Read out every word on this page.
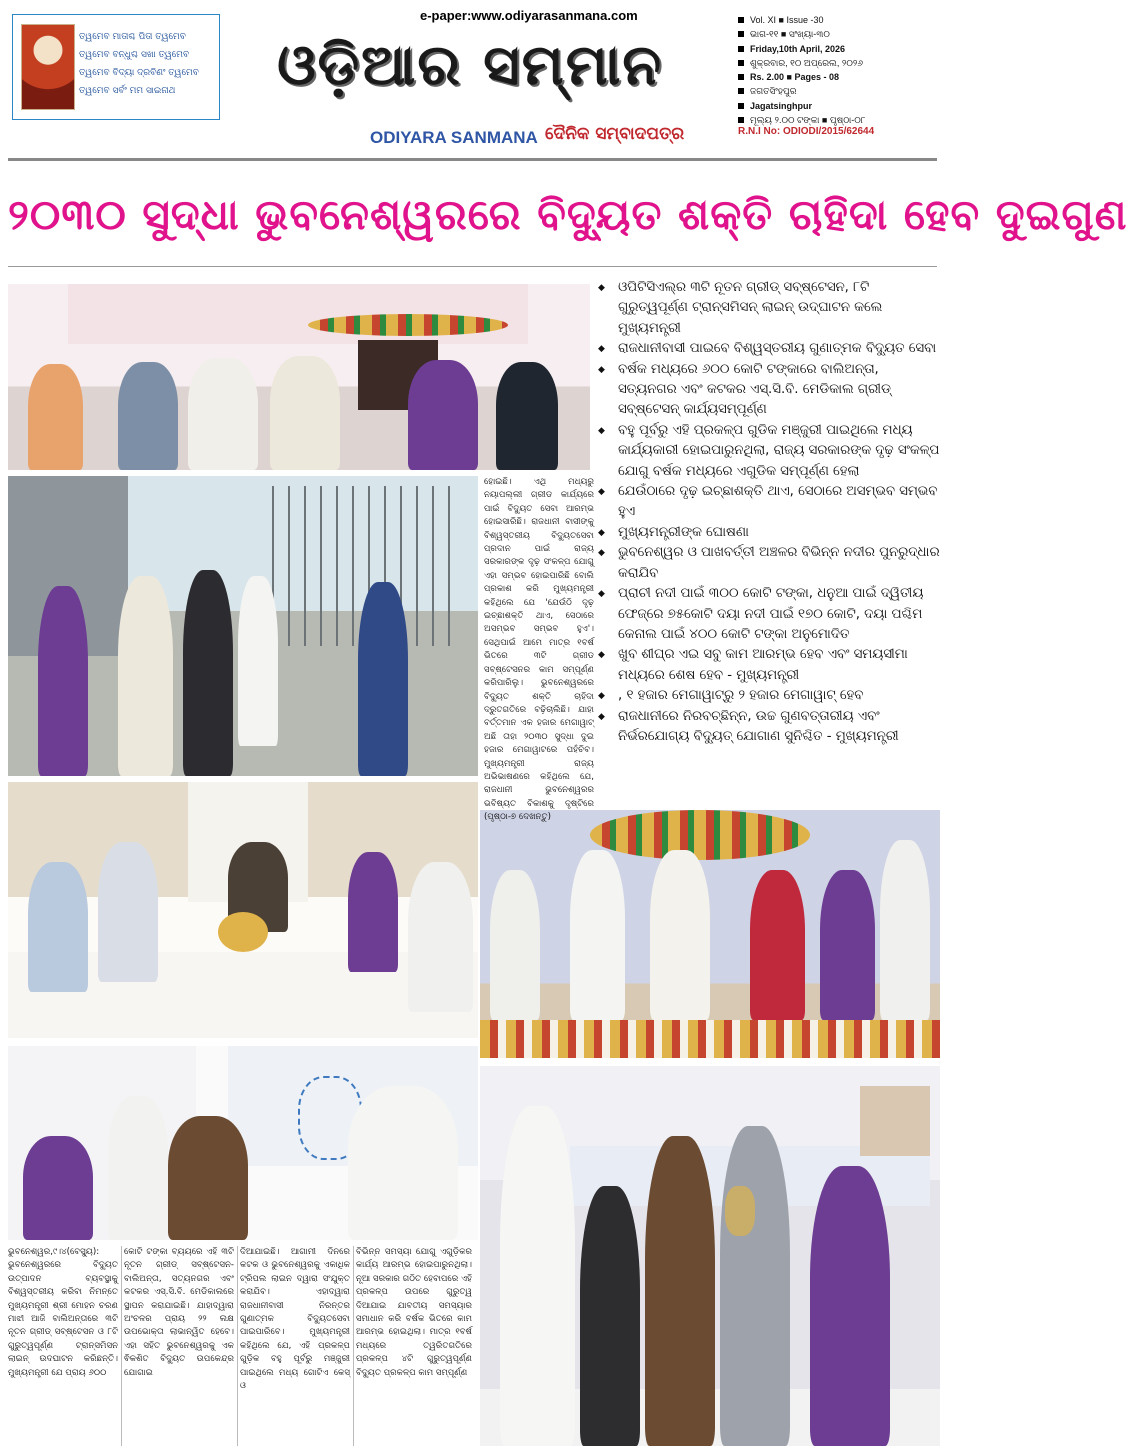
ତ୍ୱମେବ ମାତାଶ୍ଚ ପିତା ତ୍ୱମେବ
ତ୍ୱମେବ ବନ୍ଧୁଶ୍ଚ ସଖା ତ୍ୱମେବ
ତ୍ୱମେବ ବିଦ୍ୟା ଦ୍ରବିଣଂ ତ୍ୱମେବ
ତ୍ୱମେବ ସର୍ବଂ ମମ ସାଇନାଥ
e-paper:www.odiyarasanmana.com
ଓଡ଼ିଆର ସମ୍ମାନ
ODIYARA SANMANA ଦୈନିକ ସମ୍ବାଦପତ୍ର
Vol. XI ■ Issue -30
ଭାଗ-୧୧ ■ ସଂଖ୍ୟା-୩୦
Friday,10th April, 2026
ଶୁକ୍ରବାର, ୧୦ ଅପ୍ରେଲ, ୨୦୨୬
Rs. 2.00 ■ Pages - 08
ଜଗତସିଂହପୁର
Jagatsinghpur
ମୂଲ୍ୟ ୨.୦୦ ଟଙ୍କା ■ ପୃଷ୍ଠା-୦୮
R.N.I No: ODIODI/2015/62644
୨୦୩୦ ସୁଦ୍ଧା ଭୁବନେଶ୍ୱରରେ ବିଦ୍ୟୁତ ଶକ୍ତି ଚାହିଦା ହେବ ଦୁଇଗୁଣ
◆ ଓପିଟିସିଏଲ୍‌ର ୩ଟି ନୂତନ ଗ୍ରୀଡ୍ ସବ୍‌ଷ୍ଟେସନ, ୮ଟି ଗୁରୁତ୍ୱପୂର୍ଣ୍ଣ ଟ୍ରାନ୍ସମିସନ୍ ଲାଇନ୍ ଉଦ୍‌ଘାଟନ କଲେ ମୁଖ୍ୟମନ୍ତ୍ରୀ
◆ ରାଜଧାନୀବାସୀ ପାଇବେ ବିଶ୍ୱସ୍ତରୀୟ ଗୁଣାତ୍ମକ ବିଦ୍ୟୁତ ସେବା
◆ ବର୍ଷକ ମଧ୍ୟରେ ୬୦୦ କୋଟି ଟଙ୍କାରେ ବାଲିଅନ୍ତା, ସତ୍ୟନଗର ଏବଂ କଟକର ଏସ୍.ସି.ବି. ମେଡିକାଲ ଗ୍ରୀଡ୍ ସବ୍‌ଷ୍ଟେସନ୍ କାର୍ଯ୍ୟସମ୍ପୂର୍ଣ୍ଣ
◆ ବହୁ ପୂର୍ବରୁ ଏହି ପ୍ରକଳ୍ପ ଗୁଡିକ ମଞ୍ଜୁରୀ ପାଇଥିଲେ ମଧ୍ୟ କାର୍ଯ୍ୟକାରୀ ହୋଇପାରୁନଥିଲା, ରାଜ୍ୟ ସରକାରଙ୍କ ଦୃଢ଼ ସଂକଳ୍ପ ଯୋଗୁ ବର୍ଷକ ମଧ୍ୟରେ ଏଗୁଡିକ ସମ୍ପୂର୍ଣ୍ଣ ହେଲା
◆ ଯେଉଁଠାରେ ଦୃଢ଼ ଇଚ୍ଛାଶକ୍ତି ଥାଏ, ସେଠାରେ ଅସମ୍ଭବ ସମ୍ଭବ ହୁଏ
◆ ମୁଖ୍ୟମନ୍ତ୍ରୀଙ୍କ ଘୋଷଣା
◆ ଭୁବନେଶ୍ୱର ଓ ପାଖବର୍ତ୍ତୀ ଅଞ୍ଚଳର ବିଭିନ୍ନ ନଦୀର ପୁନରୁଦ୍ଧାର କରାଯିବ
◆ ପ୍ରାଚୀ ନଦୀ ପାଇଁ ୩୦୦ କୋଟି ଟଙ୍କା, ଧନୁଆ ପାଇଁ ଦ୍ୱିତୀୟ ଫେଜ୍‌ରେ ୭୫କୋଟି ଦୟା ନଦୀ ପାଇଁ ୧୭୦ କୋଟି, ଦୟା ପଶ୍ଚିମ କେନାଲ ପାଇଁ ୪୦୦ କୋଟି ଟଙ୍କା ଅନୁମୋଦିତ
◆ ଖୁବ ଶୀଘ୍ର ଏଇ ସବୁ କାମ ଆରମ୍ଭ ହେବ ଏବଂ ସମୟସୀମା ମଧ୍ୟରେ ଶେଷ ହେବ - ମୁଖ୍ୟମନ୍ତ୍ରୀ
◆ , ୧ ହଜାର ମେଗାୱାଟ୍‌ରୁ ୨ ହଜାର ମେଗାୱାଟ୍ ହେବ
◆ ରାଜଧାନୀରେ ନିରବଚ୍ଛିନ୍ନ, ଉଚ୍ଚ ଗୁଣବତ୍ତାରୀୟ ଏବଂ ନିର୍ଭରଯୋଗ୍ୟ ବିଦ୍ୟୁତ୍ ଯୋଗାଣ ସୁନିଶ୍ଚିତ - ମୁଖ୍ୟମନ୍ତ୍ରୀ
ହୋଇଛି। ଏଥି ମଧ୍ୟରୁ ନୟାପଲ୍ଲୀ ଗ୍ରୀଡ କାର୍ଯ୍ୟରେ ପାଇଁ ବିଦ୍ୟୁତ ସେବା ଆରମ୍ଭ ହୋଇସାରିଛି। ରାଜଧାନୀ ବାସୀଙ୍କୁ ବିଶ୍ୱସ୍ତରୀୟ ବିଦ୍ୟୁତସେବା ପ୍ରଦାନ ପାଇଁ ରାଜ୍ୟ ସରକାରଙ୍କ ଦୃଢ଼ ସଂକଳ୍ପ ଯୋଗୁ ଏହା ସମ୍ଭବ ହୋଇପାରିଛି ବୋଲି ପ୍ରକାଶ କରି ମୁଖ୍ୟମନ୍ତ୍ରୀ କହିଥିଲେ ଯେ 'ଯେଉଁଠି ଦୃଢ଼ ଇଚ୍ଛାଶକ୍ତି ଥାଏ, ସେଠାରେ ଅସମ୍ଭବ ସମ୍ଭବ ହୁଏ'। ସେଥିପାଇଁ ଆମେ ମାତ୍ର ୧ବର୍ଷ ଭିତରେ ୩ଟି ଗ୍ରୀଡ ସବ୍‌ଷ୍ଟେସନର କାମ ସମ୍ପୂର୍ଣ୍ଣ କରିପାରିଲୁ। ଭୁବନେଶ୍ୱରରେ ବିଦ୍ୟୁତ ଶକ୍ତି ଚାହିଦା ଦ୍ରୁତଗତିରେ ବଢ଼ିଚାଲିଛି। ଯାହା ବର୍ତ୍ତମାନ ଏକ ହଜାର ମେଗାୱାଟ୍ ଅଛି ତାହା ୨୦୩୦ ସୁଦ୍ଧା ଦୁଇ ହଜାର ମେଗାୱାଟରେ ପହଁଚିବ। ମୁଖ୍ୟମନ୍ତ୍ରୀ ରାଜ୍ୟ ଅଭିଭାଷଣରେ କହିଥିଲେ ଯେ, ରାଜଧାନୀ ଭୁବନେଶ୍ୱରର ଭବିଷ୍ୟତ ବିକାଶକୁ ଦୃଷ୍ଟିରେ (ପୃଷ୍ଠା-୭ ଦେଖନ୍ତୁ)
ଭୁବନେଶ୍ୱର,୯।୪(ବେସ୍ୟୁ): ଭୁବନେଶ୍ୱରରେ ବିଦ୍ୟୁତ ଉତ୍ପାଦନ ବ୍ୟବସ୍ଥାକୁ ବିଶ୍ୱସ୍ତରୀୟ କରିବା ନିମନ୍ତେ ମୁଖ୍ୟମନ୍ତ୍ରୀ ଶ୍ରୀ ମୋହନ ଚରଣ ମାଝୀ ଆଜି ବାଲିଅନ୍ତାରେ ୩ଟି ନୂତନ ଗ୍ରୀଡ୍ ସବ୍‌ଷ୍ଟେସନ ଓ ୮ଟି ଗୁରୁତ୍ୱପୂର୍ଣ୍ଣ ଟ୍ରାନ୍ସମିସନ ଲାଇନ୍ ଉଦଘାଟନ କରିଛନ୍ତି। ମୁଖ୍ୟମନ୍ତ୍ରୀ ଯେ ପ୍ରାୟ ୬୦୦
କୋଟି ଟଙ୍କା ବ୍ୟୟରେ ଏହି ୩ଟି ନୂତନ ଗ୍ରୀଡ୍ ସବ୍‌ଷ୍ଟେସନ- ବାଲିଅନ୍ତା, ସତ୍ୟନଗର ଏବଂ କଟକର ଏସ୍.ସି.ବି. ମେଡିକାଲରେ ସ୍ଥାପନ କରାଯାଇଛି। ଯାହାଦ୍ୱାରା ଅଂଚଳର ପ୍ରାୟ ୨୨ ଲକ୍ଷ ଉପଭୋକ୍ତା ଲାଭାନ୍ୱିତ ହେବେ। ଏହା ସହିତ ଭୁବନେଶ୍ୱରକୁ ଏକ ଵିକଶିତ ବିଦ୍ୟୁତ ଉପକେନ୍ଦ୍ର ଯୋଗାଇ
ଦିଆଯାଇଛି। ଆଗାମୀ ଦିନରେ କଟକ ଓ ଭୁବନେଶ୍ୱରକୁ ଏକାଧିକ ଟ୍ରିପଲ ଲାଇନ ଦ୍ୱାରା ସଂଯୁକ୍ତ କରାଯିବ। ଏହାଦ୍ୱାରା ରାଜଧାନୀବାସୀ ନିରନ୍ତର ଗୁଣାତ୍ମକ ବିଦ୍ୟୁତସେବା ପାଇପାରିବେ। ମୁଖ୍ୟମନ୍ତ୍ରୀ କହିଥିଲେ ଯେ, ଏହି ପ୍ରକଳ୍ପ ଗୁଡ଼ିକ ବହୁ ପୂର୍ବରୁ ମଞ୍ଜୁରୀ ପାଇଥିଲେ ମଧ୍ୟ ଗୋଟିଏ କେସ୍ ଓ
ବିଭିନ୍ନ ସମସ୍ୟା ଯୋଗୁ ଏଗୁଡ଼ିକର କାର୍ଯ୍ୟ ଆରମ୍ଭ ହୋଇପାରୁନଥିଲା। ନୂଆ ସରକାର ଗଠିତ ହେବାପରେ ଏହି ପ୍ରକଳ୍ପ ଉପରେ ଗୁରୁତ୍ୱ ଦିଆଯାଇ ଯାବତୀୟ ସମସ୍ୟାର ସମାଧାନ କରି ବର୍ଷକ ଭିତରେ କାମ ଆରମ୍ଭ ହୋଇଥିଲା। ମାତ୍ର ୧ବର୍ଷ ମଧ୍ୟରେ ତ୍ୱରିତଗତିରେ ପ୍ରକଳ୍ପ ୪ଟି ଗୁରୁତ୍ୱପୂର୍ଣ୍ଣ ବିଦ୍ୟୁତ ପ୍ରକଳ୍ପ କାମ ସମ୍ପୂର୍ଣ୍ଣ
